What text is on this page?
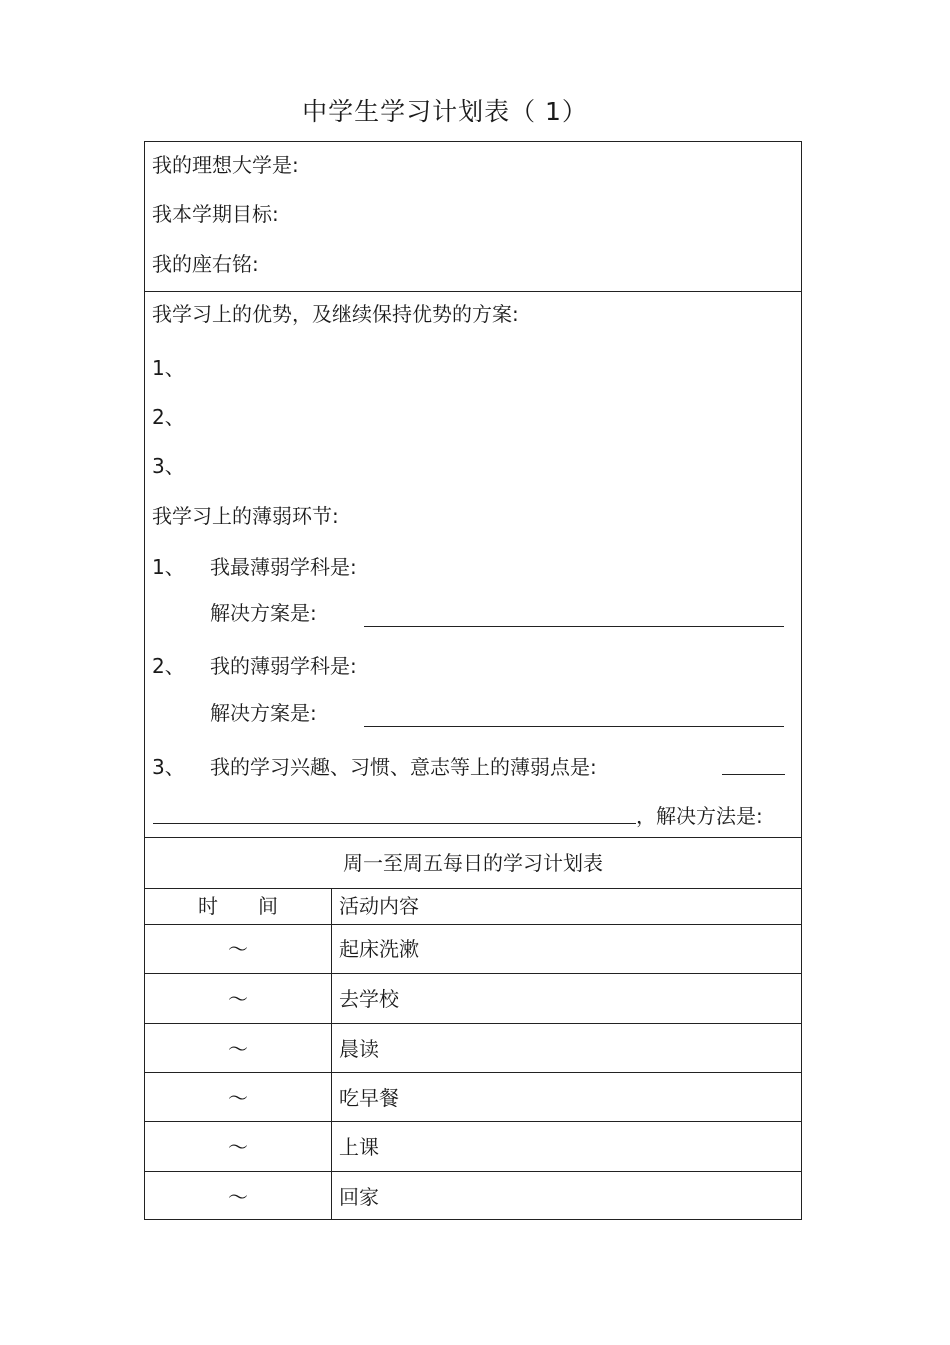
中学生学习计划表（ 1）
我的理想大学是:
我本学期目标:
我的座右铭:
我学习上的优势，及继续保持优势的方案:
1、
2、
3、
我学习上的薄弱环节:
1、 我最薄弱学科是:
解决方案是:
2、 我的薄弱学科是:
解决方案是:
3、 我的学习兴趣、习惯、意志等上的薄弱点是:
，解决方法是:
周一至周五每日的学习计划表
时　　间	活动内容
～	起床洗漱
～	去学校
～	晨读
～	吃早餐
～	上课
～	回家
